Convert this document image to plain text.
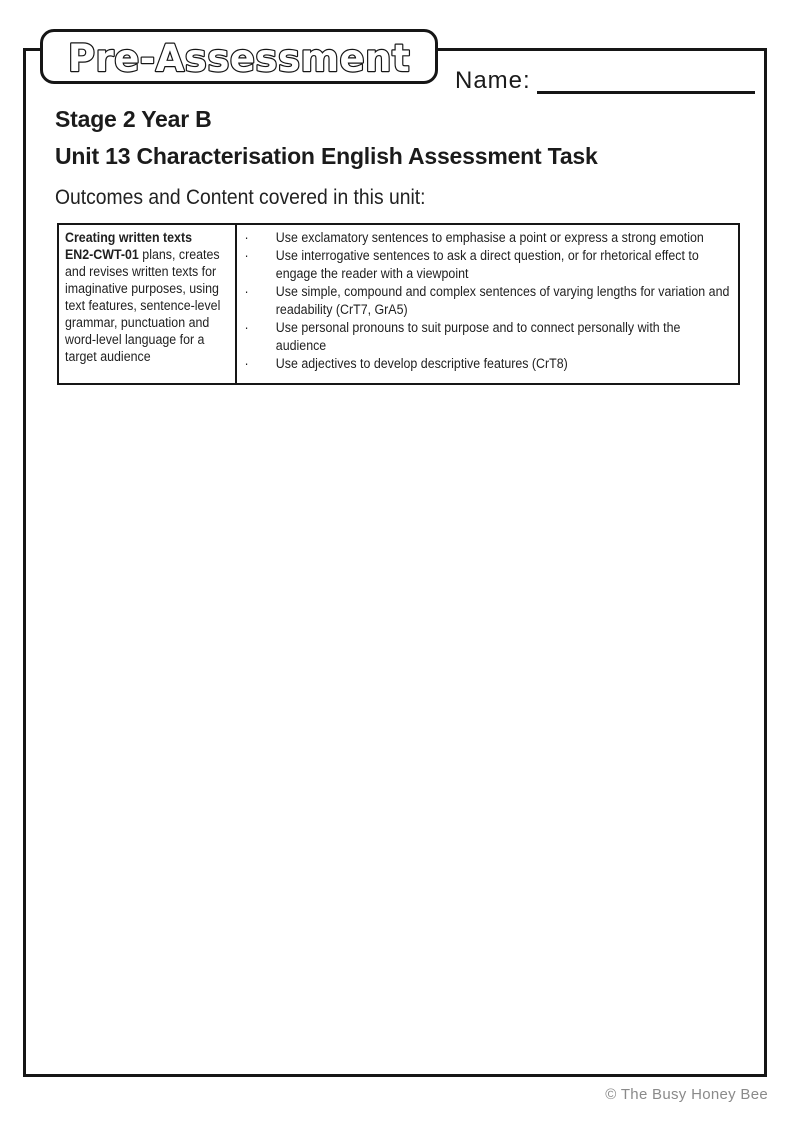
Pre-Assessment
Name:
Stage 2 Year B
Unit 13 Characterisation English Assessment Task
Outcomes and Content covered in this unit:
Creating written texts
EN2-CWT-01 plans, creates and revises written texts for imaginative purposes, using text features, sentence-level grammar, punctuation and word-level language for a target audience
·	Use exclamatory sentences to emphasise a point or express a strong emotion
·	Use interrogative sentences to ask a direct question, or for rhetorical effect to engage the reader with a viewpoint
·	Use simple, compound and complex sentences of varying lengths for variation and readability (CrT7, GrA5)
·	Use personal pronouns to suit purpose and to connect personally with the audience
·	Use adjectives to develop descriptive features (CrT8)
© The Busy Honey Bee
